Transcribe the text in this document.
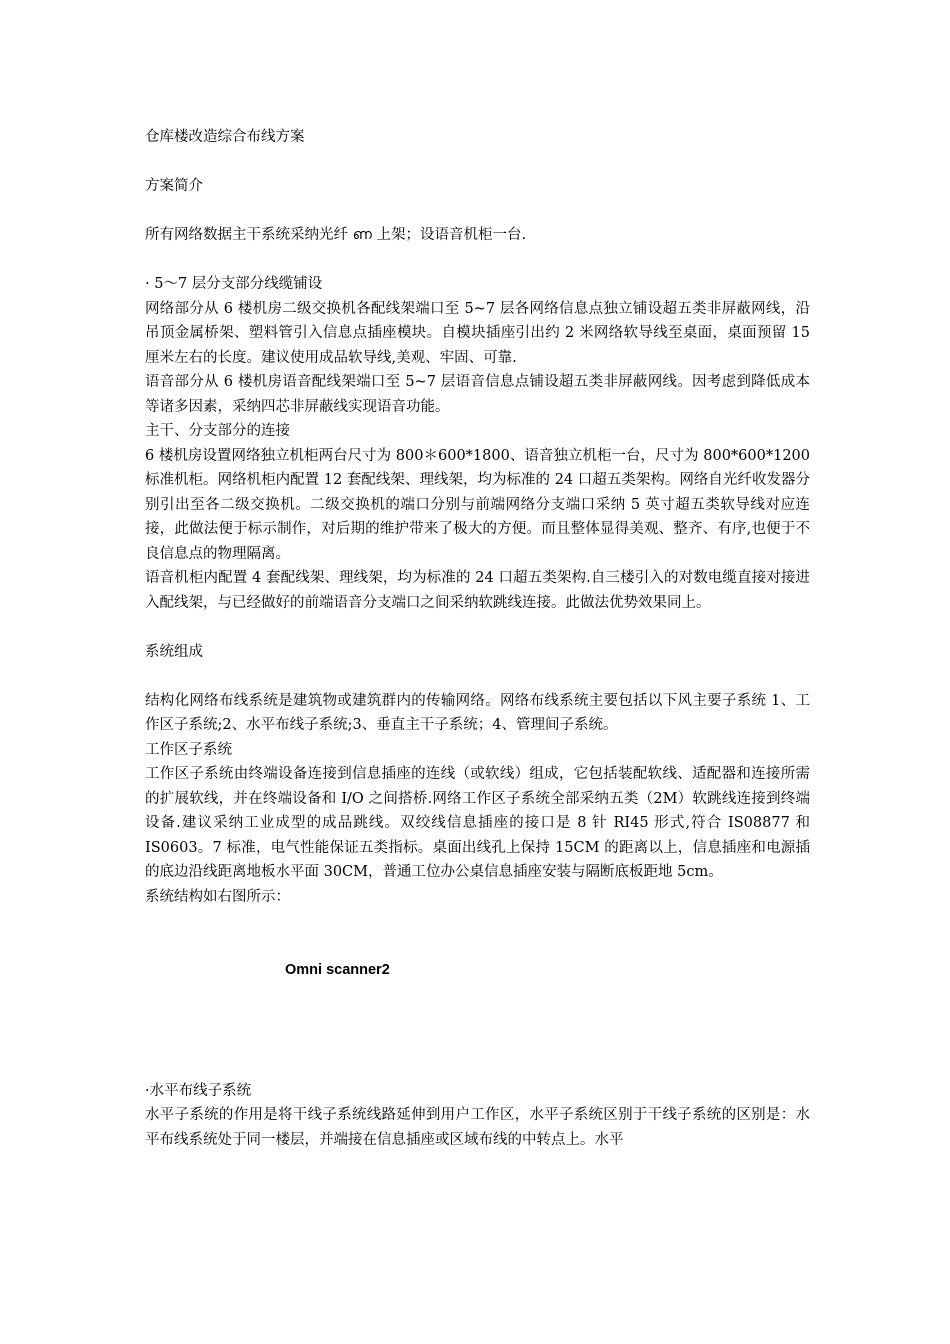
仓库楼改造综合布线方案

方案简介

所有网络数据主干系统采纳光纤 ‍ണ 上架；设语音机柜一台.

· 5～7 层分支部分线缆铺设

网络部分从 6 楼机房二级交换机各配线架端口至 5~7 层各网络信息点独立铺设超五类非屏蔽网线，沿吊顶金属桥架、塑料管引入信息点插座模块。自模块插座引出约 2 米网络软导线至桌面，桌面预留 15 厘米左右的长度。建议使用成品软导线,美观、牢固、可靠.

语音部分从 6 楼机房语音配线架端口至 5~7 层语音信息点铺设超五类非屏蔽网线。因考虑到降低成本等诸多因素，采纳四芯非屏蔽线实现语音功能。

主干、分支部分的连接

6 楼机房设置网络独立机柜两台尺寸为 800＊600*1800、语音独立机柜一台，尺寸为 800*600*1200 标准机柜。网络机柜内配置 12 套配线架、理线架，均为标准的 24 口超五类架构。网络自光纤收发器分别引出至各二级交换机。二级交换机的端口分别与前端网络分支端口采纳 5 英寸超五类软导线对应连接，此做法便于标示制作，对后期的维护带来了极大的方便。而且整体显得美观、整齐、有序,也便于不良信息点的物理隔离。

语音机柜内配置 4 套配线架、理线架，均为标准的 24 口超五类架构.自三楼引入的对数电缆直接对接进入配线架，与已经做好的前端语音分支端口之间采纳软跳线连接。此做法优势效果同上。

系统组成

结构化网络布线系统是建筑物或建筑群内的传输网络。网络布线系统主要包括以下风主要子系统 1、工作区子系统;2、水平布线子系统;3、垂直主干子系统；4、管理间子系统。

工作区子系统

工作区子系统由终端设备连接到信息插座的连线（或软线）组成，它包括装配软线、适配器和连接所需的扩展软线，并在终端设备和 I/O 之间搭桥.网络工作区子系统全部采纳五类（2M）软跳线连接到终端设备.建议采纳工业成型的成品跳线。双绞线信息插座的接口是 8 针 RI45 形式,符合 IS08877 和 IS0603。7 标准，电气性能保证五类指标。桌面出线孔上保持 15CM 的距离以上，信息插座和电源插的底边沿线距离地板水平面 30CM，普通工位办公桌信息插座安装与隔断底板距地 5cm。

系统结构如右图所示：

Omni scanner2

·水平布线子系统

水平子系统的作用是将干线子系统线路延伸到用户工作区，水平子系统区别于干线子系统的区别是：水平布线系统处于同一楼层，并端接在信息插座或区域布线的中转点上。水平
